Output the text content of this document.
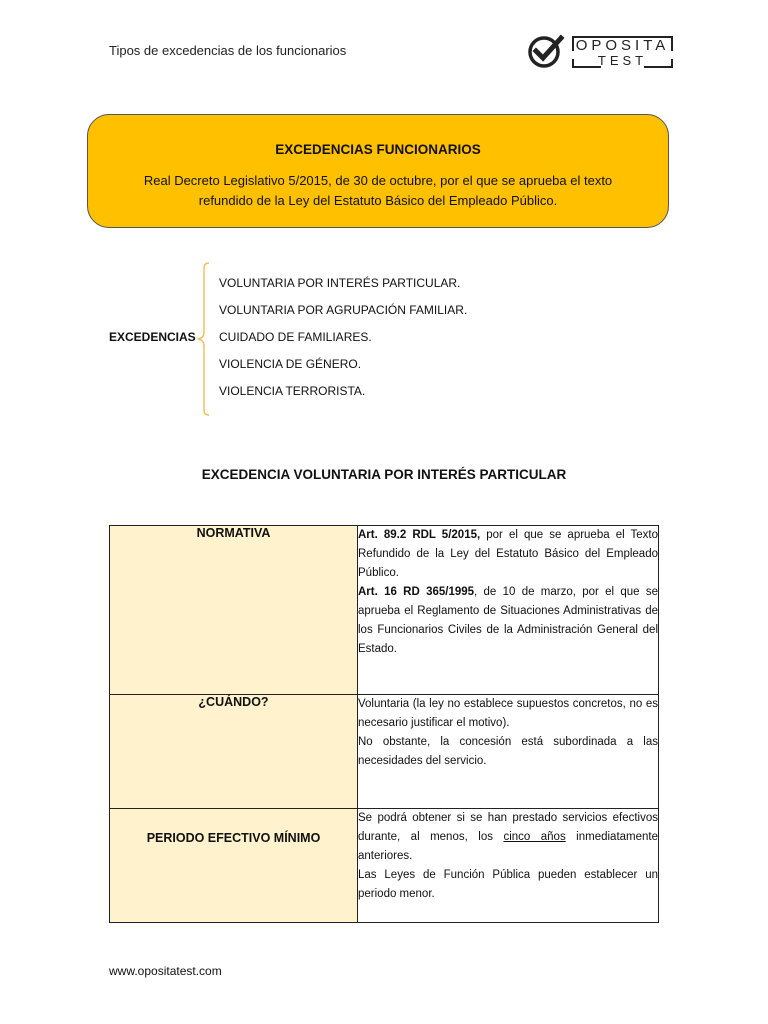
Tipos de excedencias de los funcionarios	OPOSITA
TEST
EXCEDENCIAS FUNCIONARIOS
Real Decreto Legislativo 5/2015, de 30 de octubre, por el que se aprueba el texto refundido de la Ley del Estatuto Básico del Empleado Público.
EXCEDENCIAS
VOLUNTARIA POR INTERÉS PARTICULAR.
VOLUNTARIA POR AGRUPACIÓN FAMILIAR.
CUIDADO DE FAMILIARES.
VIOLENCIA DE GÉNERO.
VIOLENCIA TERRORISTA.
EXCEDENCIA VOLUNTARIA POR INTERÉS PARTICULAR
NORMATIVA	Art. 89.2 RDL 5/2015, por el que se aprueba el Texto Refundido de la Ley del Estatuto Básico del Empleado Público.
Art. 16 RD 365/1995, de 10 de marzo, por el que se aprueba el Reglamento de Situaciones Administrativas de los Funcionarios Civiles de la Administración General del Estado.
¿CUÁNDO?	Voluntaria (la ley no establece supuestos concretos, no es necesario justificar el motivo).
No obstante, la concesión está subordinada a las necesidades del servicio.

PERIODO EFECTIVO MÍNIMO	Se podrá obtener si se han prestado servicios efectivos durante, al menos, los cinco años inmediatamente anteriores.
Las Leyes de Función Pública pueden establecer un periodo menor.
www.opositatest.com
